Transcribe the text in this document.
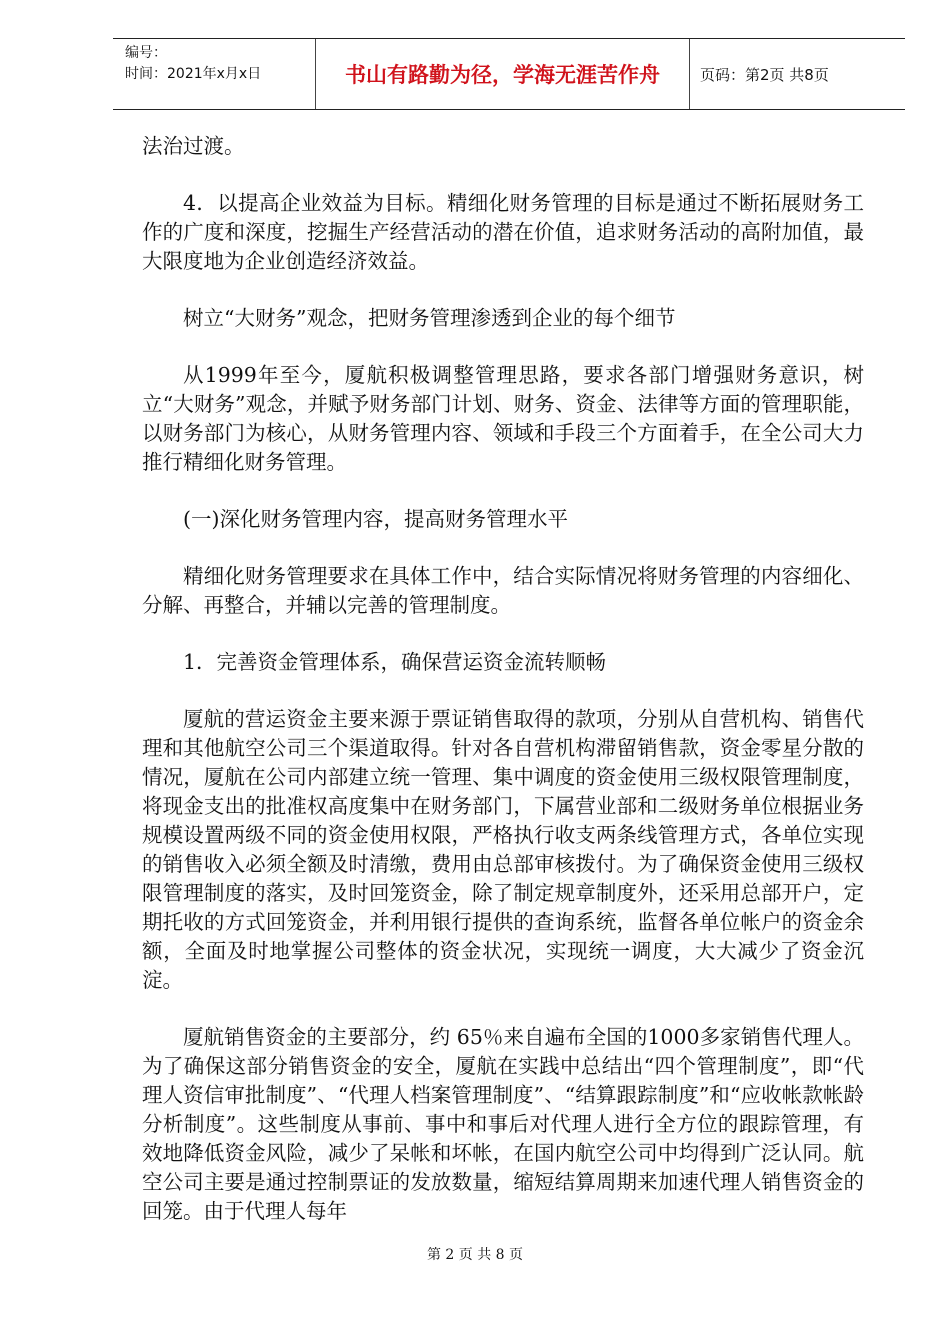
编号：
时间：2021年x月x日	书山有路勤为径，学海无涯苦作舟	页码：第2页 共8页

法治过渡。

4．以提高企业效益为目标。精细化财务管理的目标是通过不断拓展财务工作的广度和深度，挖掘生产经营活动的潜在价值，追求财务活动的高附加值，最大限度地为企业创造经济效益。

树立“大财务”观念，把财务管理渗透到企业的每个细节

从1999年至今，厦航积极调整管理思路，要求各部门增强财务意识，树立“大财务”观念，并赋予财务部门计划、财务、资金、法律等方面的管理职能，以财务部门为核心，从财务管理内容、领域和手段三个方面着手，在全公司大力推行精细化财务管理。

(一)深化财务管理内容，提高财务管理水平

精细化财务管理要求在具体工作中，结合实际情况将财务管理的内容细化、分解、再整合，并辅以完善的管理制度。

1．完善资金管理体系，确保营运资金流转顺畅

厦航的营运资金主要来源于票证销售取得的款项，分别从自营机构、销售代理和其他航空公司三个渠道取得。针对各自营机构滞留销售款，资金零星分散的情况，厦航在公司内部建立统一管理、集中调度的资金使用三级权限管理制度，将现金支出的批准权高度集中在财务部门，下属营业部和二级财务单位根据业务规模设置两级不同的资金使用权限，严格执行收支两条线管理方式，各单位实现的销售收入必须全额及时清缴，费用由总部审核拨付。为了确保资金使用三级权限管理制度的落实，及时回笼资金，除了制定规章制度外，还采用总部开户，定期托收的方式回笼资金，并利用银行提供的查询系统，监督各单位帐户的资金余额，全面及时地掌握公司整体的资金状况，实现统一调度，大大减少了资金沉淀。

厦航销售资金的主要部分，约 65％来自遍布全国的1000多家销售代理人。为了确保这部分销售资金的安全，厦航在实践中总结出“四个管理制度”，即“代理人资信审批制度”、“代理人档案管理制度”、“结算跟踪制度”和“应收帐款帐龄分析制度”。这些制度从事前、事中和事后对代理人进行全方位的跟踪管理，有效地降低资金风险，减少了呆帐和坏帐，在国内航空公司中均得到广泛认同。航空公司主要是通过控制票证的发放数量，缩短结算周期来加速代理人销售资金的回笼。由于代理人每年

第 2 页 共 8 页
